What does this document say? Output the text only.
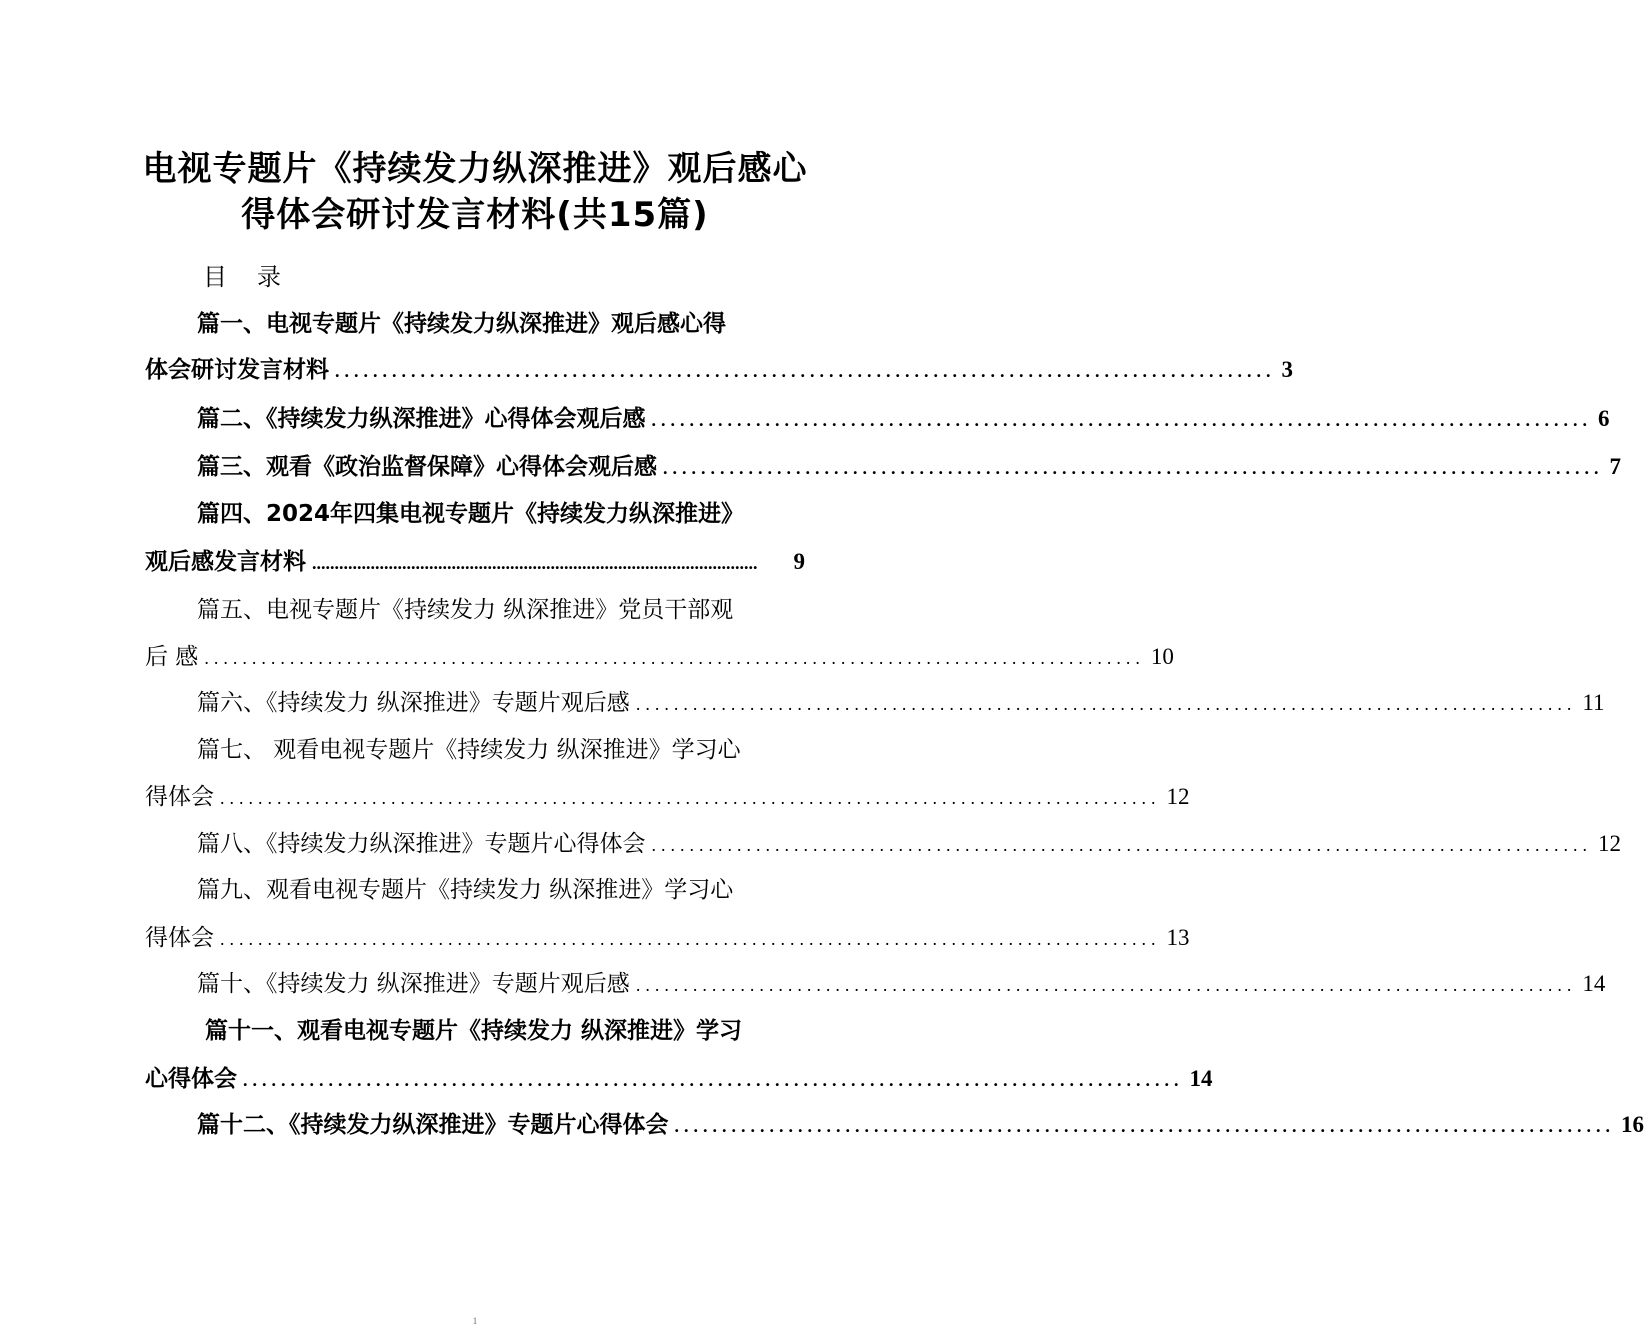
电视专题片《持续发力纵深推进》观后感心
得体会研讨发言材料(共15篇)
目 录
篇一、电视专题片《持续发力纵深推进》观后感心得
体会研讨发言材料 ................................................................................................... 3
篇二、《持续发力纵深推进》心得体会观后感 ................................................................................................... 6
篇三、观看《政治监督保障》心得体会观后感 ................................................................................................... 7
篇四、2024年四集电视专题片《持续发力纵深推进》
观后感发言材料 ...................................................................................................	9
篇五、电视专题片《持续发力 纵深推进》党员干部观
后 感 ................................................................................................... 10
篇六、《持续发力 纵深推进》专题片观后感 ................................................................................................... 11
篇七、 观看电视专题片《持续发力 纵深推进》学习心
得体会 ................................................................................................... 12
篇八、《持续发力纵深推进》专题片心得体会 ................................................................................................... 12
篇九、观看电视专题片《持续发力 纵深推进》学习心
得体会 ................................................................................................... 13
篇十、《持续发力 纵深推进》专题片观后感 ................................................................................................... 14
篇十一、观看电视专题片《持续发力 纵深推进》学习
心得体会 ................................................................................................... 14
篇十二、《持续发力纵深推进》专题片心得体会 ................................................................................................... 16
1
